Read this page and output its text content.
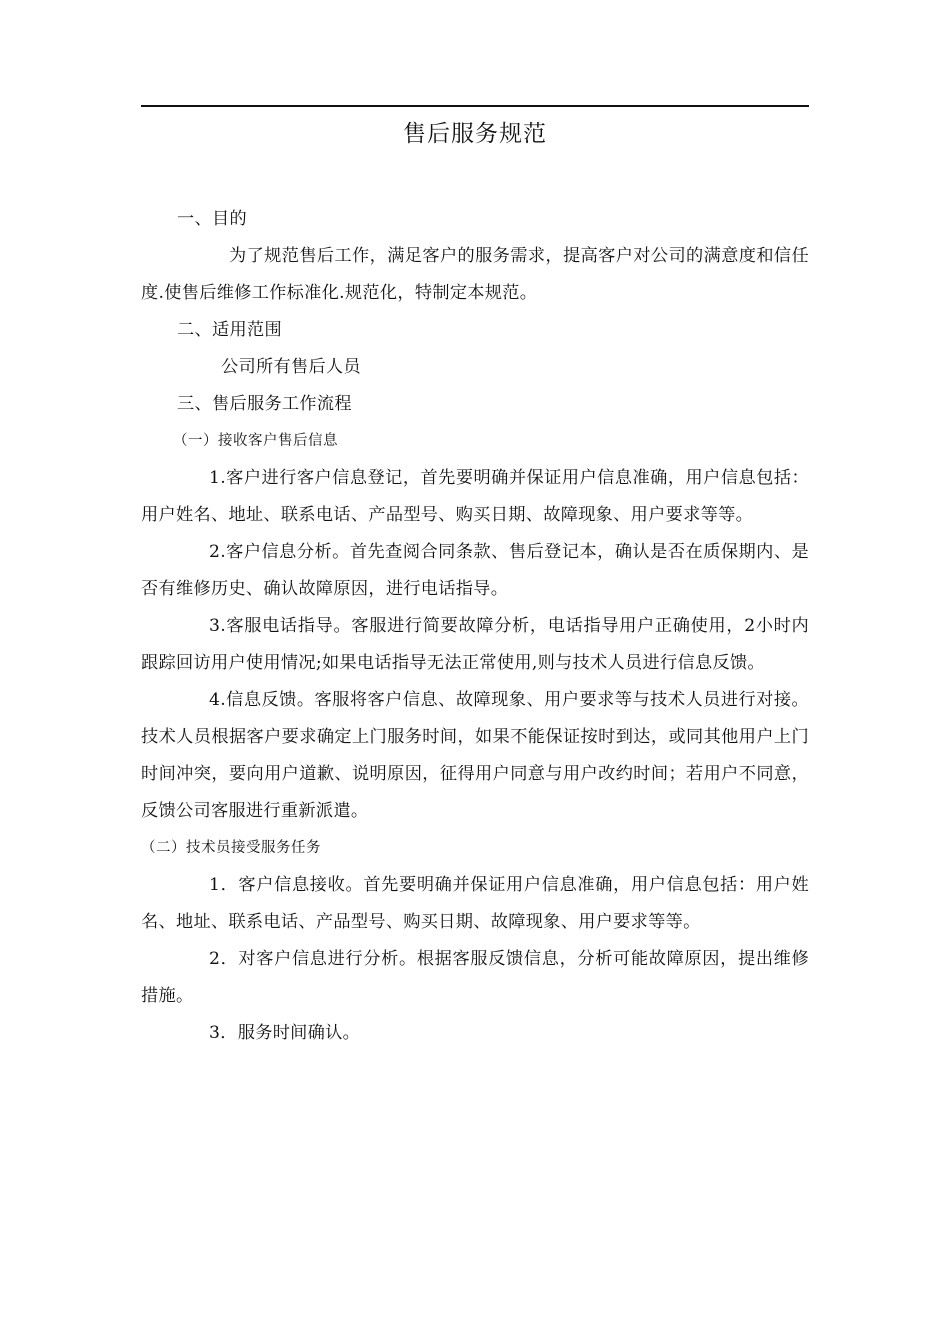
售后服务规范

一、目的

为了规范售后工作，满足客户的服务需求，提高客户对公司的满意度和信任度.使售后维修工作标准化.规范化，特制定本规范。

二、适用范围

公司所有售后人员

三、售后服务工作流程

（一）接收客户售后信息

1.客户进行客户信息登记，首先要明确并保证用户信息准确，用户信息包括：用户姓名、地址、联系电话、产品型号、购买日期、故障现象、用户要求等等。

2.客户信息分析。首先查阅合同条款、售后登记本，确认是否在质保期内、是否有维修历史、确认故障原因，进行电话指导。

3.客服电话指导。客服进行简要故障分析，电话指导用户正确使用，2小时内跟踪回访用户使用情况;如果电话指导无法正常使用,则与技术人员进行信息反馈。

4.信息反馈。客服将客户信息、故障现象、用户要求等与技术人员进行对接。技术人员根据客户要求确定上门服务时间，如果不能保证按时到达，或同其他用户上门时间冲突，要向用户道歉、说明原因，征得用户同意与用户改约时间；若用户不同意，反馈公司客服进行重新派遣。

（二）技术员接受服务任务

1．客户信息接收。首先要明确并保证用户信息准确，用户信息包括：用户姓名、地址、联系电话、产品型号、购买日期、故障现象、用户要求等等。

2．对客户信息进行分析。根据客服反馈信息，分析可能故障原因，提出维修措施。

3．服务时间确认。
